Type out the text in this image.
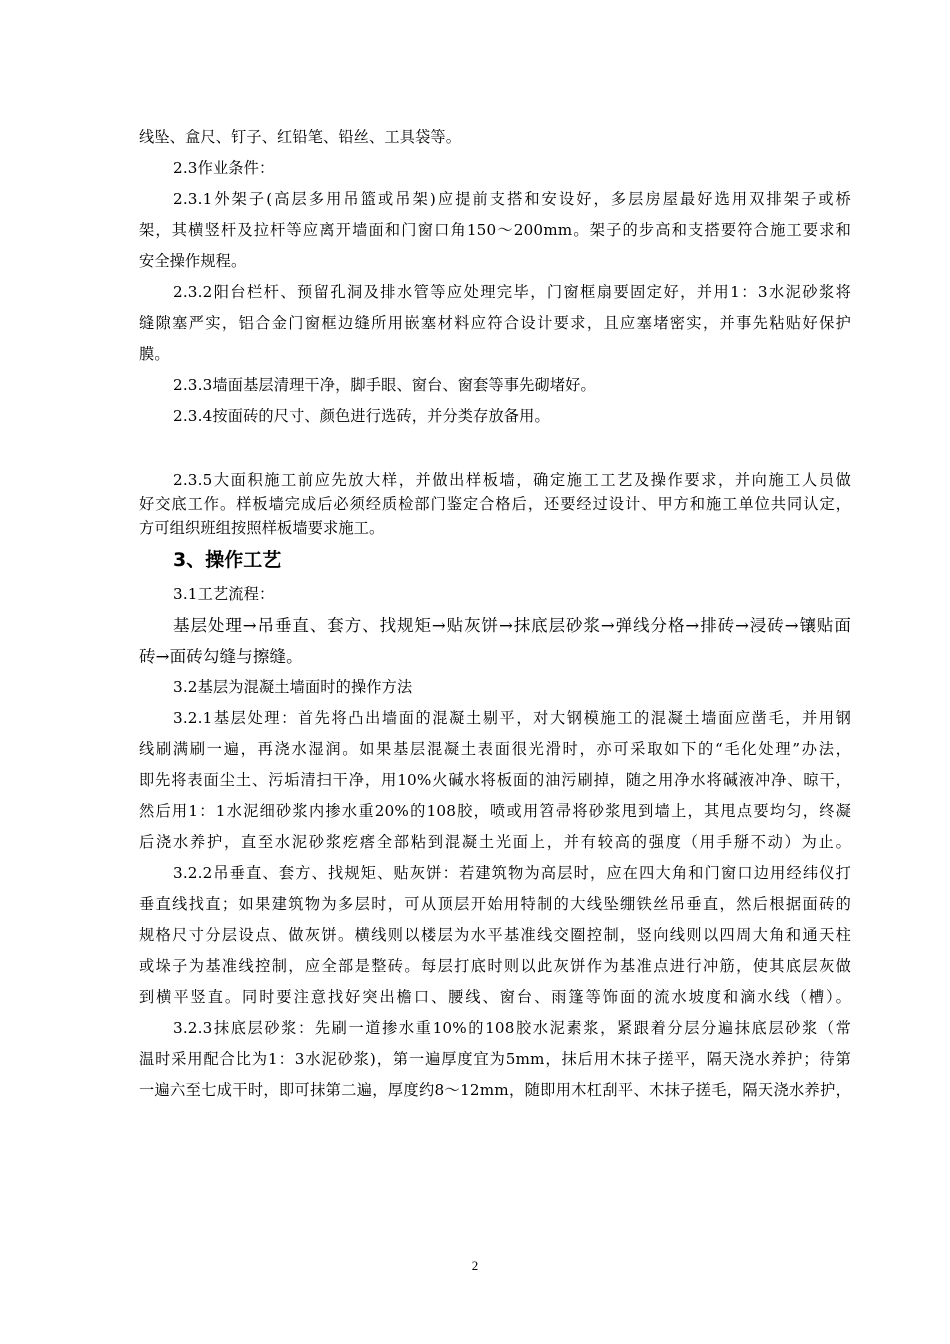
线坠、盒尺、钉子、红铅笔、铅丝、工具袋等。
2.3作业条件：
2.3.1外架子(高层多用吊篮或吊架)应提前支搭和安设好，多层房屋最好选用双排架子或桥
架，其横竖杆及拉杆等应离开墙面和门窗口角150～200mm。架子的步高和支搭要符合施工要求和
安全操作规程。
2.3.2阳台栏杆、预留孔洞及排水管等应处理完毕，门窗框扇要固定好，并用1：3水泥砂浆将
缝隙塞严实，铝合金门窗框边缝所用嵌塞材料应符合设计要求，且应塞堵密实，并事先粘贴好保护
膜。
2.3.3墙面基层清理干净，脚手眼、窗台、窗套等事先砌堵好。
2.3.4按面砖的尺寸、颜色进行选砖，并分类存放备用。
2.3.5大面积施工前应先放大样，并做出样板墙，确定施工工艺及操作要求，并向施工人员做
好交底工作。样板墙完成后必须经质检部门鉴定合格后，还要经过设计、甲方和施工单位共同认定，
方可组织班组按照样板墙要求施工。
3、操作工艺
3.1工艺流程：
基层处理→吊垂直、套方、找规矩→贴灰饼→抹底层砂浆→弹线分格→排砖→浸砖→镶贴面
砖→面砖勾缝与擦缝。
3.2基层为混凝土墙面时的操作方法
3.2.1基层处理：首先将凸出墙面的混凝土剔平，对大钢模施工的混凝土墙面应凿毛，并用钢
线刷满刷一遍，再浇水湿润。如果基层混凝土表面很光滑时，亦可采取如下的“毛化处理”办法，
即先将表面尘土、污垢清扫干净，用10%火碱水将板面的油污刷掉，随之用净水将碱液冲净、晾干，
然后用1：1水泥细砂浆内掺水重20%的108胶，喷或用笤帚将砂浆甩到墙上，其甩点要均匀，终凝
后浇水养护，直至水泥砂浆疙瘩全部粘到混凝土光面上，并有较高的强度（用手掰不动）为止。
3.2.2吊垂直、套方、找规矩、贴灰饼：若建筑物为高层时，应在四大角和门窗口边用经纬仪打
垂直线找直；如果建筑物为多层时，可从顶层开始用特制的大线坠绷铁丝吊垂直，然后根据面砖的
规格尺寸分层设点、做灰饼。横线则以楼层为水平基准线交圈控制，竖向线则以四周大角和通天柱
或垛子为基准线控制，应全部是整砖。每层打底时则以此灰饼作为基准点进行冲筋，使其底层灰做
到横平竖直。同时要注意找好突出檐口、腰线、窗台、雨篷等饰面的流水坡度和滴水线（槽）。
3.2.3抹底层砂浆：先刷一道掺水重10%的108胶水泥素浆，紧跟着分层分遍抹底层砂浆（常
温时采用配合比为1：3水泥砂浆)，第一遍厚度宜为5mm，抹后用木抹子搓平，隔天浇水养护；待第
一遍六至七成干时，即可抹第二遍，厚度约8～12mm，随即用木杠刮平、木抹子搓毛，隔天浇水养护，
2
